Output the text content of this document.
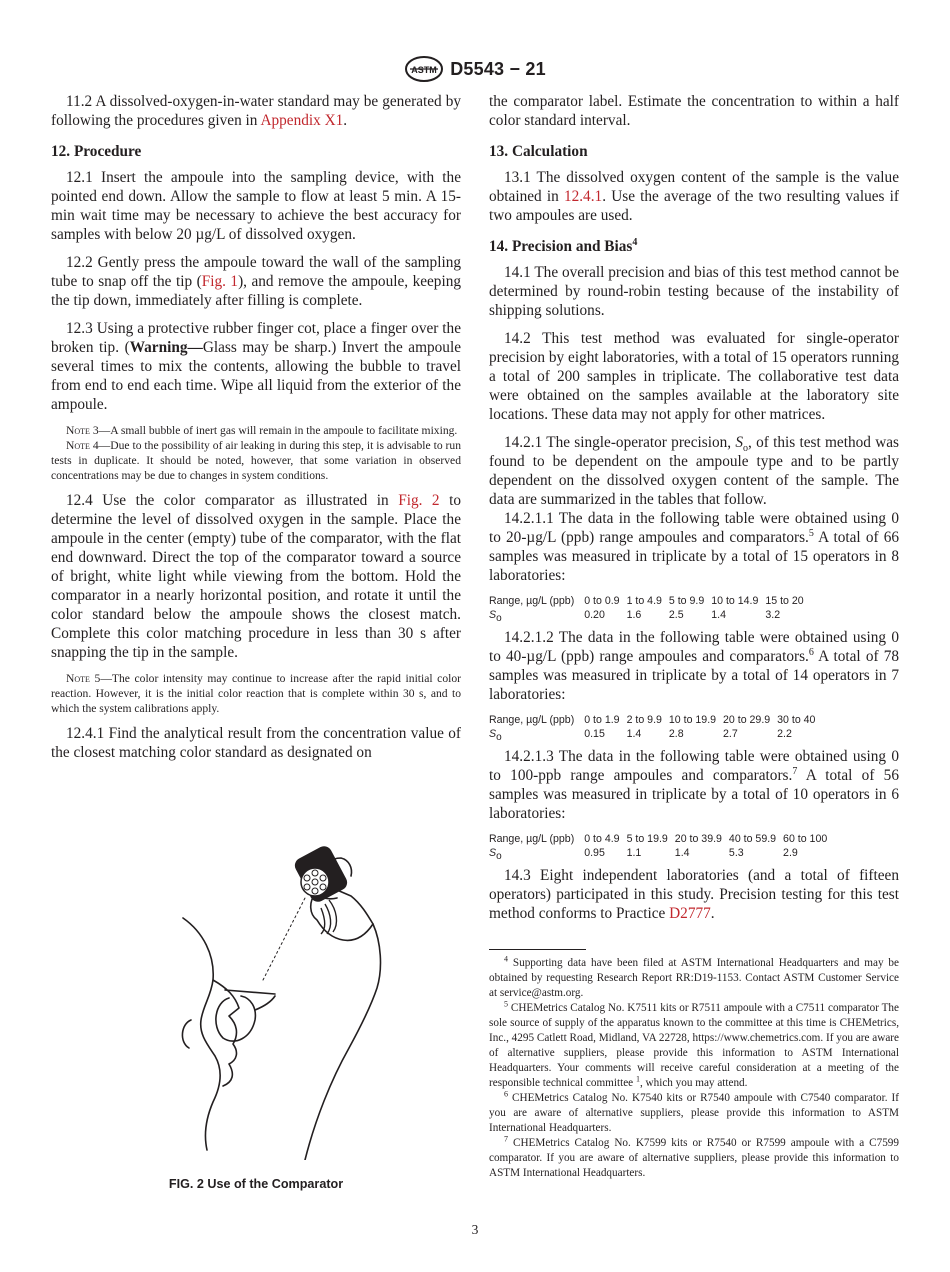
ASTM D5543 − 21

11.2 A dissolved-oxygen-in-water standard may be generated by following the procedures given in Appendix X1.

12. Procedure

12.1 Insert the ampoule into the sampling device, with the pointed end down. Allow the sample to flow at least 5 min. A 15-min wait time may be necessary to achieve the best accuracy for samples with below 20 µg/L of dissolved oxygen.

12.2 Gently press the ampoule toward the wall of the sampling tube to snap off the tip (Fig. 1), and remove the ampoule, keeping the tip down, immediately after filling is complete.

12.3 Using a protective rubber finger cot, place a finger over the broken tip. (Warning—Glass may be sharp.) Invert the ampoule several times to mix the contents, allowing the bubble to travel from end to end each time. Wipe all liquid from the exterior of the ampoule.

Note 3—A small bubble of inert gas will remain in the ampoule to facilitate mixing.

Note 4—Due to the possibility of air leaking in during this step, it is advisable to run tests in duplicate. It should be noted, however, that some variation in observed concentrations may be due to changes in system conditions.

12.4 Use the color comparator as illustrated in Fig. 2 to determine the level of dissolved oxygen in the sample. Place the ampoule in the center (empty) tube of the comparator, with the flat end downward. Direct the top of the comparator toward a source of bright, white light while viewing from the bottom. Hold the comparator in a nearly horizontal position, and rotate it until the color standard below the ampoule shows the closest match. Complete this color matching procedure in less than 30 s after snapping the tip in the sample.

Note 5—The color intensity may continue to increase after the rapid initial color reaction. However, it is the initial color reaction that is complete within 30 s, and to which the system calibrations apply.

12.4.1 Find the analytical result from the concentration value of the closest matching color standard as designated on

FIG. 2 Use of the Comparator

the comparator label. Estimate the concentration to within a half color standard interval.

13. Calculation

13.1 The dissolved oxygen content of the sample is the value obtained in 12.4.1. Use the average of the two resulting values if two ampoules are used.

14. Precision and Bias$^4$

14.1 The overall precision and bias of this test method cannot be determined by round-robin testing because of the instability of shipping solutions.

14.2 This test method was evaluated for single-operator precision by eight laboratories, with a total of 15 operators running a total of 200 samples in triplicate. The collaborative test data were obtained on the samples available at the laboratory site locations. These data may not apply for other matrices.

14.2.1 The single-operator precision, $S_o$, of this test method was found to be dependent on the ampoule type and to be partly dependent on the dissolved oxygen content of the sample. The data are summarized in the tables that follow.

14.2.1.1 The data in the following table were obtained using 0 to 20-µg/L (ppb) range ampoules and comparators.$^5$ A total of 66 samples was measured in triplicate by a total of 15 operators in 8 laboratories:

Range, µg/L (ppb)	0 to 0.9	1 to 4.9	5 to 9.9	10 to 14.9	15 to 20
$S_o$	0.20	1.6	2.5	1.4	3.2

14.2.1.2 The data in the following table were obtained using 0 to 40-µg/L (ppb) range ampoules and comparators.$^6$ A total of 78 samples was measured in triplicate by a total of 14 operators in 7 laboratories:

Range, µg/L (ppb)	0 to 1.9	2 to 9.9	10 to 19.9	20 to 29.9	30 to 40
$S_o$	0.15	1.4	2.8	2.7	2.2

14.2.1.3 The data in the following table were obtained using 0 to 100-ppb range ampoules and comparators.$^7$ A total of 56 samples was measured in triplicate by a total of 10 operators in 6 laboratories:

Range, µg/L (ppb)	0 to 4.9	5 to 19.9	20 to 39.9	40 to 59.9	60 to 100
$S_o$	0.95	1.1	1.4	5.3	2.9

14.3 Eight independent laboratories (and a total of fifteen operators) participated in this study. Precision testing for this test method conforms to Practice D2777.

$^4$ Supporting data have been filed at ASTM International Headquarters and may be obtained by requesting Research Report RR:D19-1153. Contact ASTM Customer Service at service@astm.org.

$^5$ CHEMetrics Catalog No. K7511 kits or R7511 ampoule with a C7511 comparator The sole source of supply of the apparatus known to the committee at this time is CHEMetrics, Inc., 4295 Catlett Road, Midland, VA 22728, https://www.chemetrics.com. If you are aware of alternative suppliers, please provide this information to ASTM International Headquarters. Your comments will receive careful consideration at a meeting of the responsible technical committee $^1$, which you may attend.

$^6$ CHEMetrics Catalog No. K7540 kits or R7540 ampoule with C7540 comparator. If you are aware of alternative suppliers, please provide this information to ASTM International Headquarters.

$^7$ CHEMetrics Catalog No. K7599 kits or R7540 or R7599 ampoule with a C7599 comparator. If you are aware of alternative suppliers, please provide this information to ASTM International Headquarters.

3
